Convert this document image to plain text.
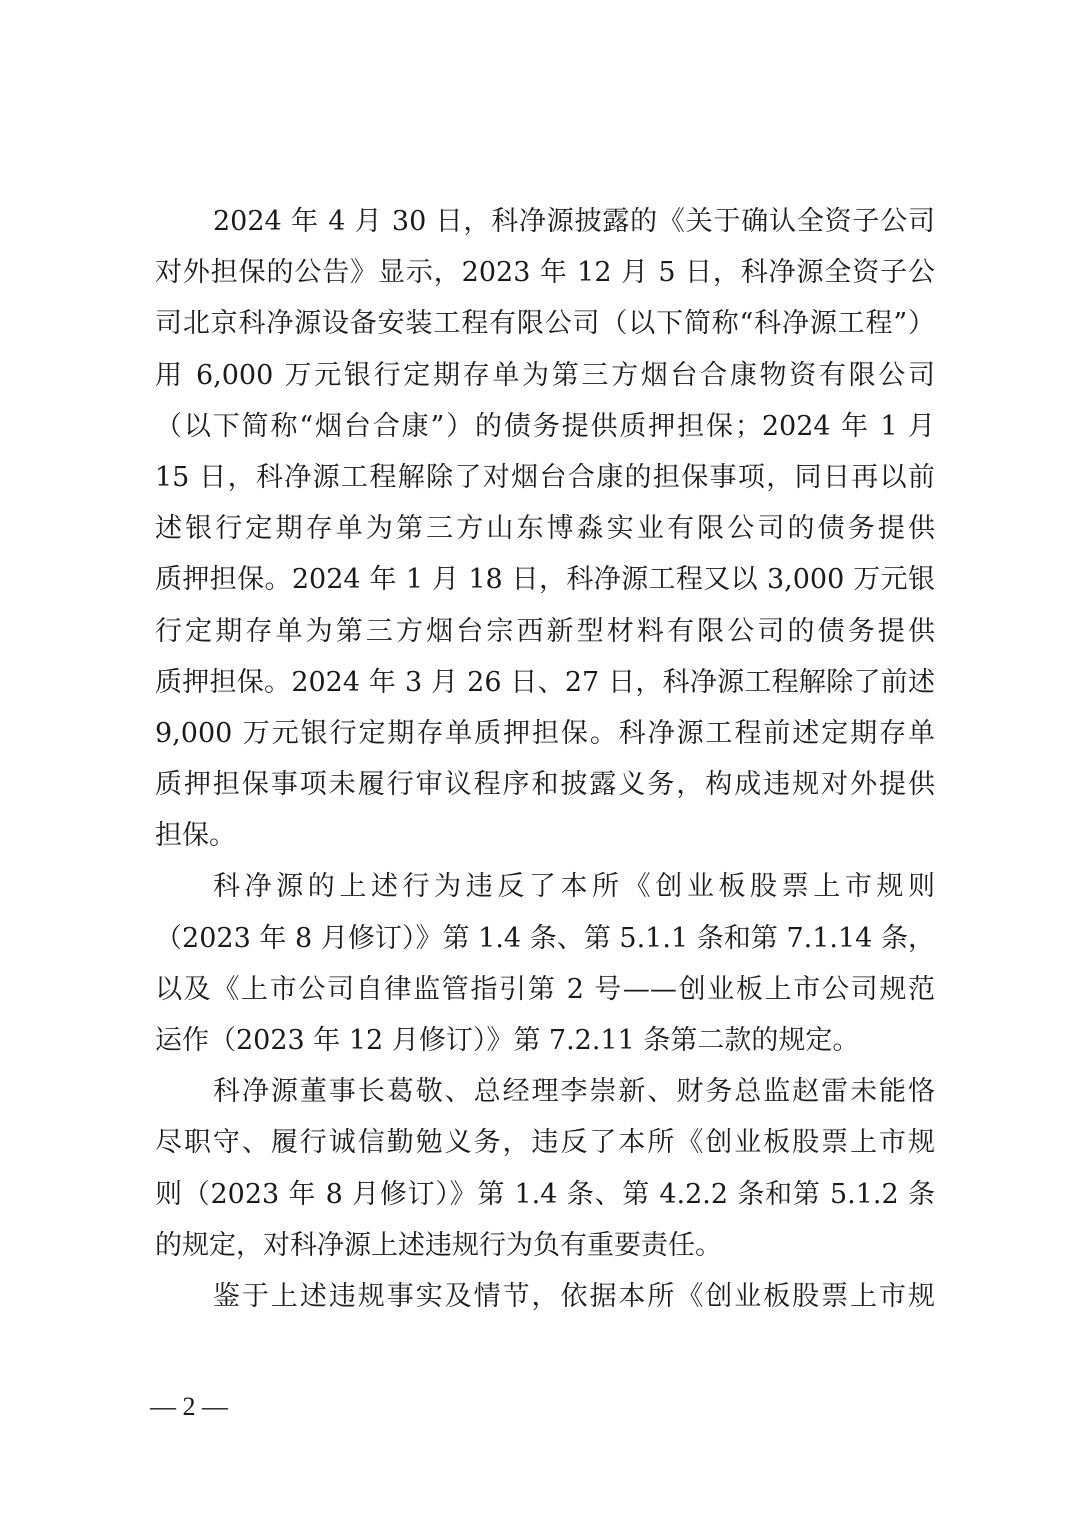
2024 年 4 月 30 日，科净源披露的《关于确认全资子公司
对外担保的公告》显示，2023 年 12 月 5 日，科净源全资子公
司北京科净源设备安装工程有限公司（以下简称“科净源工程”）
用 6,000 万元银行定期存单为第三方烟台合康物资有限公司
（以下简称“烟台合康”）的债务提供质押担保；2024 年 1 月
15 日，科净源工程解除了对烟台合康的担保事项，同日再以前
述银行定期存单为第三方山东博淼实业有限公司的债务提供
质押担保。2024 年 1 月 18 日，科净源工程又以 3,000 万元银
行定期存单为第三方烟台宗西新型材料有限公司的债务提供
质押担保。2024 年 3 月 26 日、27 日，科净源工程解除了前述
9,000 万元银行定期存单质押担保。科净源工程前述定期存单
质押担保事项未履行审议程序和披露义务，构成违规对外提供
担保。
科净源的上述行为违反了本所《创业板股票上市规则
（2023 年 8 月修订）》第 1.4 条、第 5.1.1 条和第 7.1.14 条，
以及《上市公司自律监管指引第 2 号——创业板上市公司规范
运作（2023 年 12 月修订）》第 7.2.11 条第二款的规定。
科净源董事长葛敬、总经理李崇新、财务总监赵雷未能恪
尽职守、履行诚信勤勉义务，违反了本所《创业板股票上市规
则（2023 年 8 月修订）》第 1.4 条、第 4.2.2 条和第 5.1.2 条
的规定，对科净源上述违规行为负有重要责任。
鉴于上述违规事实及情节，依据本所《创业板股票上市规
— 2 —
